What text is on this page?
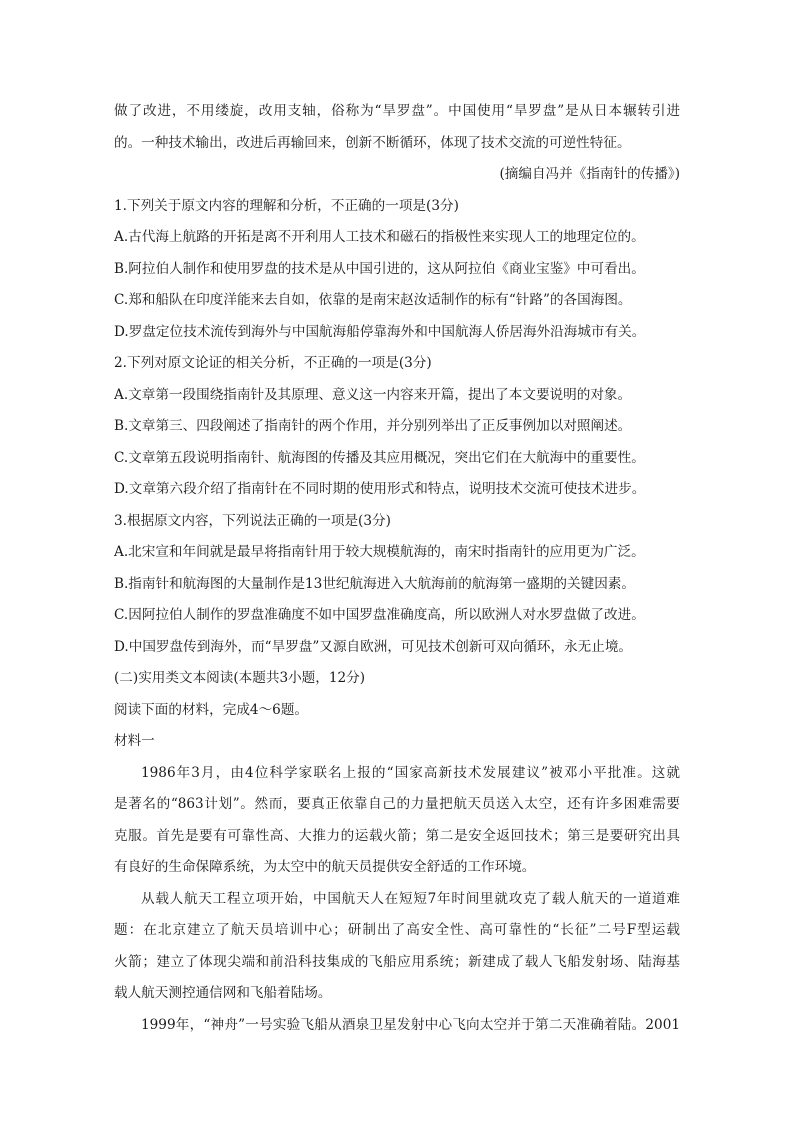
做了改进，不用缕旋，改用支轴，俗称为“旱罗盘”。中国使用“旱罗盘”是从日本辗转引进
的。一种技术输出，改进后再输回来，创新不断循环，体现了技术交流的可逆性特征。
(摘编自冯并《指南针的传播》)
1.下列关于原文内容的理解和分析，不正确的一项是(3分)
A.古代海上航路的开拓是离不开利用人工技术和磁石的指极性来实现人工的地理定位的。
B.阿拉伯人制作和使用罗盘的技术是从中国引进的，这从阿拉伯《商业宝鉴》中可看出。
C.郑和船队在印度洋能来去自如，依靠的是南宋赵汝适制作的标有“针路”的各国海图。
D.罗盘定位技术流传到海外与中国航海船停靠海外和中国航海人侨居海外沿海城市有关。
2.下列对原文论证的相关分析，不正确的一项是(3分)
A.文章第一段围绕指南针及其原理、意义这一内容来开篇，提出了本文要说明的对象。
B.文章第三、四段阐述了指南针的两个作用，并分别列举出了正反事例加以对照阐述。
C.文章第五段说明指南针、航海图的传播及其应用概况，突出它们在大航海中的重要性。
D.文章第六段介绍了指南针在不同时期的使用形式和特点，说明技术交流可使技术进步。
3.根据原文内容，下列说法正确的一项是(3分)
A.北宋宣和年间就是最早将指南针用于较大规模航海的，南宋时指南针的应用更为广泛。
B.指南针和航海图的大量制作是13世纪航海进入大航海前的航海第一盛期的关键因素。
C.因阿拉伯人制作的罗盘准确度不如中国罗盘准确度高，所以欧洲人对水罗盘做了改进。
D.中国罗盘传到海外，而“旱罗盘”又源自欧洲，可见技术创新可双向循环，永无止境。
(二)实用类文本阅读(本题共3小题，12分)
阅读下面的材料，完成4～6题。
材料一
1986年3月，由4位科学家联名上报的“国家高新技术发展建议”被邓小平批准。这就
是著名的“863计划”。然而，要真正依靠自己的力量把航天员送入太空，还有许多困难需要
克服。首先是要有可靠性高、大推力的运载火箭；第二是安全返回技术；第三是要研究出具
有良好的生命保障系统，为太空中的航天员提供安全舒适的工作环境。
从载人航天工程立项开始，中国航天人在短短7年时间里就攻克了载人航天的一道道难
题：在北京建立了航天员培训中心；研制出了高安全性、高可靠性的“长征”二号F型运载
火箭；建立了体现尖端和前沿科技集成的飞船应用系统；新建成了载人飞船发射场、陆海基
载人航天测控通信网和飞船着陆场。
1999年，“神舟”一号实验飞船从酒泉卫星发射中心飞向太空并于第二天准确着陆。2001
